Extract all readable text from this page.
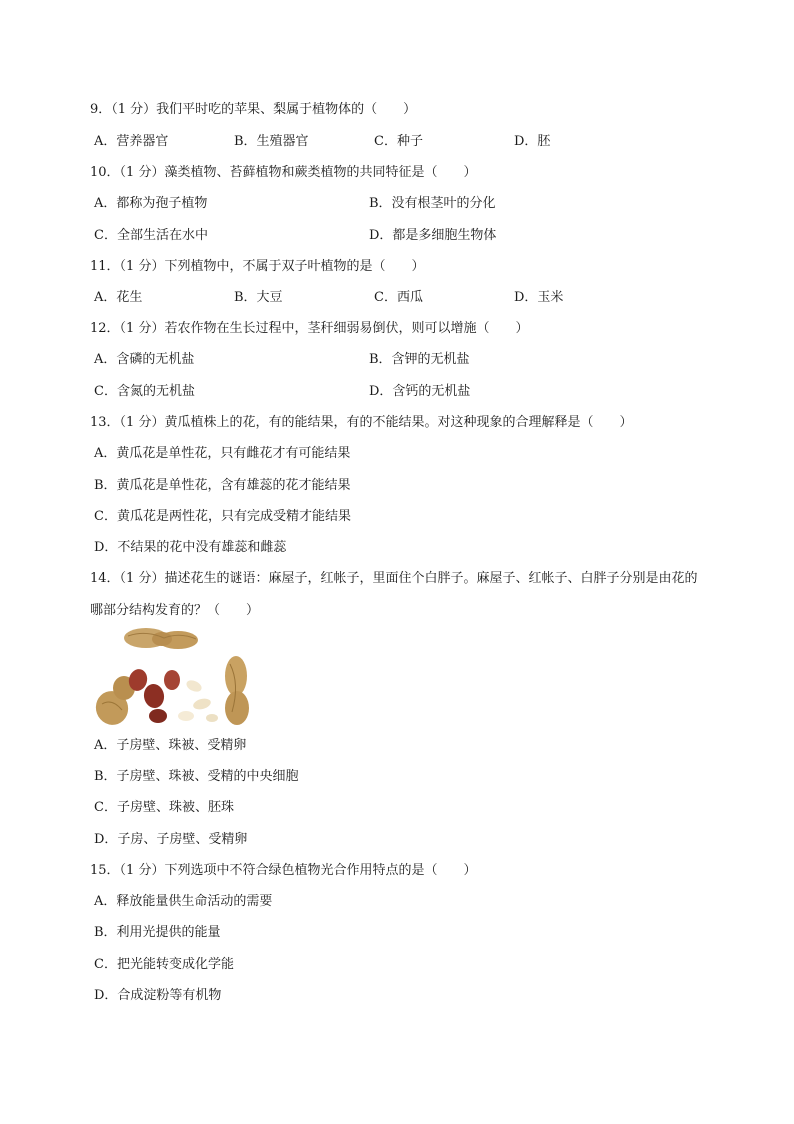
9．（1 分）我们平时吃的苹果、梨属于植物体的（　　）
A．营养器官	B．生殖器官	C．种子	D．胚
10．（1 分）藻类植物、苔藓植物和蕨类植物的共同特征是（　　）
A．都称为孢子植物	B．没有根茎叶的分化
C．全部生活在水中	D．都是多细胞生物体
11．（1 分）下列植物中，不属于双子叶植物的是（　　）
A．花生	B．大豆	C．西瓜	D．玉米
12．（1 分）若农作物在生长过程中，茎秆细弱易倒伏，则可以增施（　　）
A．含磷的无机盐	B．含钾的无机盐
C．含氮的无机盐	D．含钙的无机盐
13．（1 分）黄瓜植株上的花，有的能结果，有的不能结果。对这种现象的合理解释是（　　）
A．黄瓜花是单性花，只有雌花才有可能结果
B．黄瓜花是单性花，含有雄蕊的花才能结果
C．黄瓜花是两性花，只有完成受精才能结果
D．不结果的花中没有雄蕊和雌蕊
14．（1 分）描述花生的谜语：麻屋子，红帐子，里面住个白胖子。麻屋子、红帐子、白胖子分别是由花的
哪部分结构发育的？（　　）
A．子房壁、珠被、受精卵
B．子房壁、珠被、受精的中央细胞
C．子房壁、珠被、胚珠
D．子房、子房壁、受精卵
15．（1 分）下列选项中不符合绿色植物光合作用特点的是（　　）
A．释放能量供生命活动的需要
B．利用光提供的能量
C．把光能转变成化学能
D．合成淀粉等有机物
